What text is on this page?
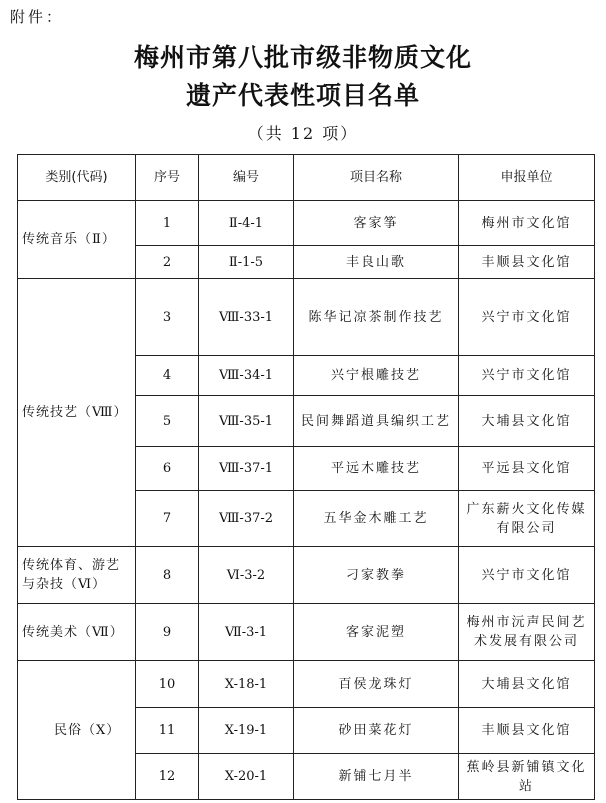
附件：
梅州市第八批市级非物质文化
遗产代表性项目名单
（共 12 项）
类别(代码)	序号	编号	项目名称	申报单位
传统音乐（Ⅱ）	1	Ⅱ-4-1	客家筝	梅州市文化馆
	2	Ⅱ-1-5	丰良山歌	丰顺县文化馆
传统技艺（Ⅷ）	3	Ⅷ-33-1	陈华记凉茶制作技艺	兴宁市文化馆
	4	Ⅷ-34-1	兴宁根雕技艺	兴宁市文化馆
	5	Ⅷ-35-1	民间舞蹈道具编织工艺	大埔县文化馆
	6	Ⅷ-37-1	平远木雕技艺	平远县文化馆
	7	Ⅷ-37-2	五华金木雕工艺	广东薪火文化传媒有限公司
传统体育、游艺与杂技（Ⅵ）	8	Ⅵ-3-2	刁家教拳	兴宁市文化馆
传统美术（Ⅶ）	9	Ⅶ-3-1	客家泥塑	梅州市沅声民间艺术发展有限公司
民俗（Ⅹ）	10	X-18-1	百侯龙珠灯	大埔县文化馆
	11	X-19-1	砂田菜花灯	丰顺县文化馆
	12	X-20-1	新铺七月半	蕉岭县新铺镇文化站
